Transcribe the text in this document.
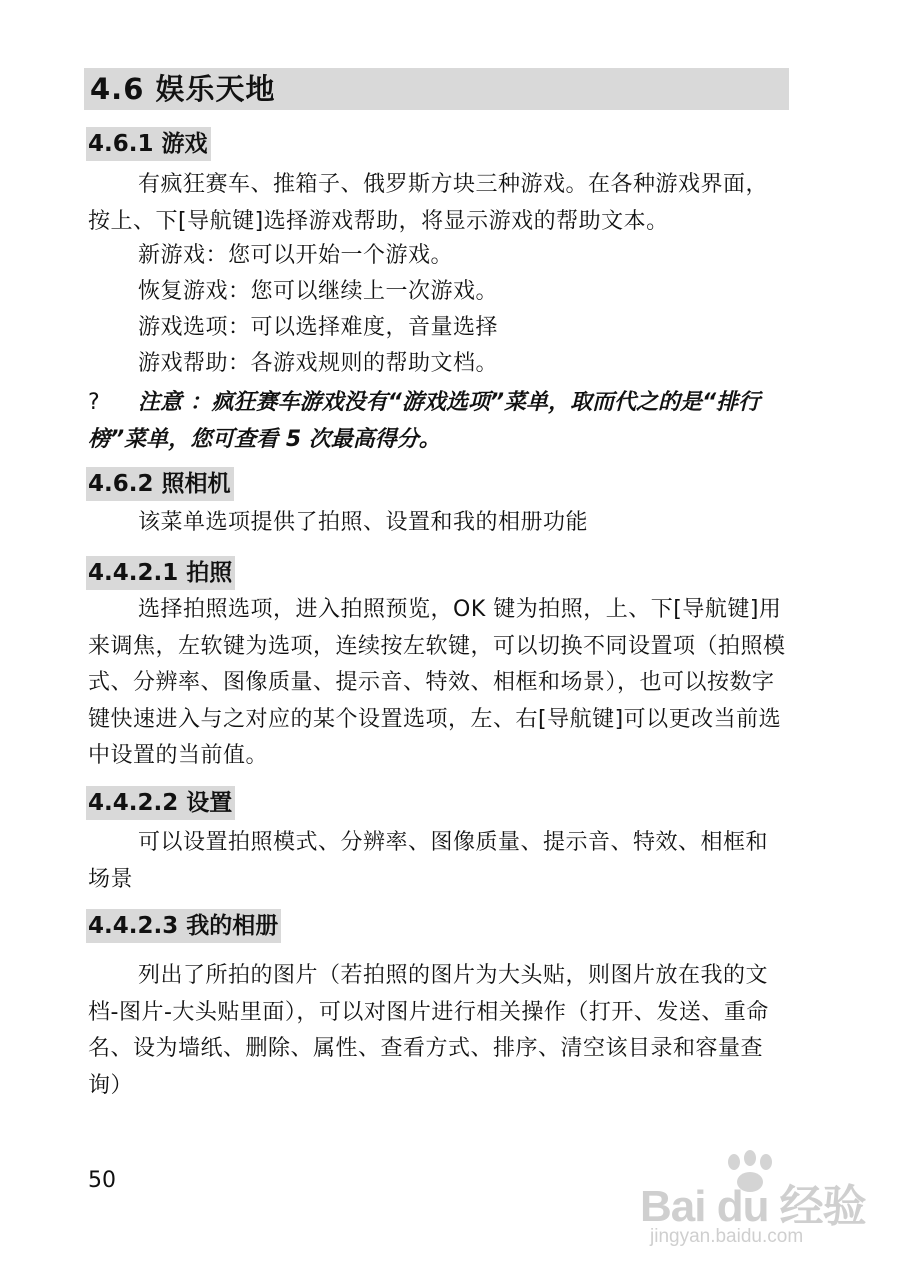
4.6 娱乐天地
4.6.1 游戏

有疯狂赛车、推箱子、俄罗斯方块三种游戏。在各种游戏界面，按上、下[导航键]选择游戏帮助，将显示游戏的帮助文本。

新游戏：您可以开始一个游戏。
恢复游戏：您可以继续上一次游戏。
游戏选项：可以选择难度，音量选择
游戏帮助：各游戏规则的帮助文档。
? 注意 ：疯狂赛车游戏没有“游戏选项”菜单，取而代之的是“排行榜”菜单，您可查看 5 次最高得分。
4.6.2 照相机
该菜单选项提供了拍照、设置和我的相册功能
4.4.2.1 拍照

选择拍照选项，进入拍照预览，OK 键为拍照，上、下[导航键]用来调焦，左软键为选项，连续按左软键，可以切换不同设置项（拍照模式、分辨率、图像质量、提示音、特效、相框和场景），也可以按数字键快速进入与之对应的某个设置选项，左、右[导航键]可以更改当前选中设置的当前值。

4.4.2.2 设置

可以设置拍照模式、分辨率、图像质量、提示音、特效、相框和场景

4.4.2.3 我的相册

列出了所拍的图片（若拍照的图片为大头贴，则图片放在我的文档-图片-大头贴里面），可以对图片进行相关操作（打开、发送、重命名、设为墙纸、删除、属性、查看方式、排序、清空该目录和容量查询）

50
Bai du 经验
jingyan.baidu.com
